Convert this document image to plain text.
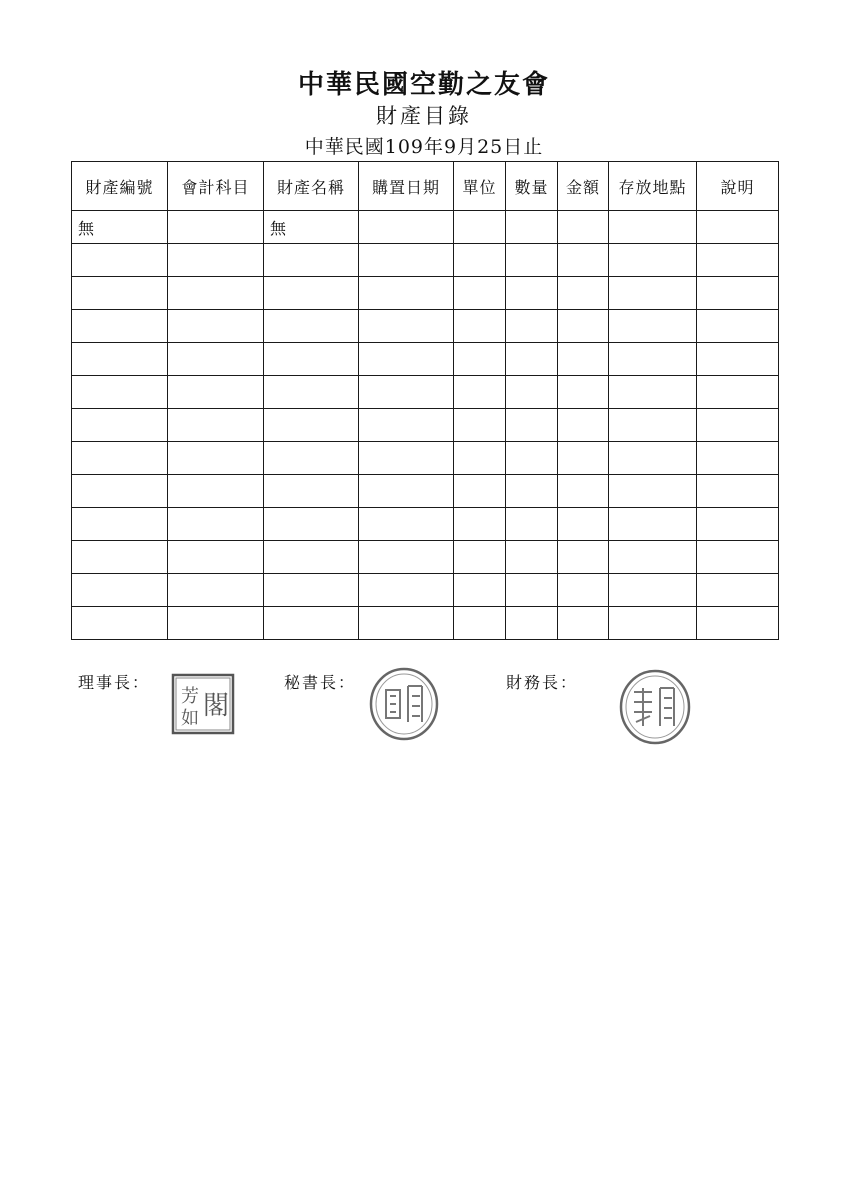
中華民國空勤之友會
財產目錄
中華民國109年9月25日止
財產編號	會計科目	財產名稱	購置日期	單位	數量	金額	存放地點	說明
無		無						

理事長：	秘書長：	財務長：
芳
如 閣
